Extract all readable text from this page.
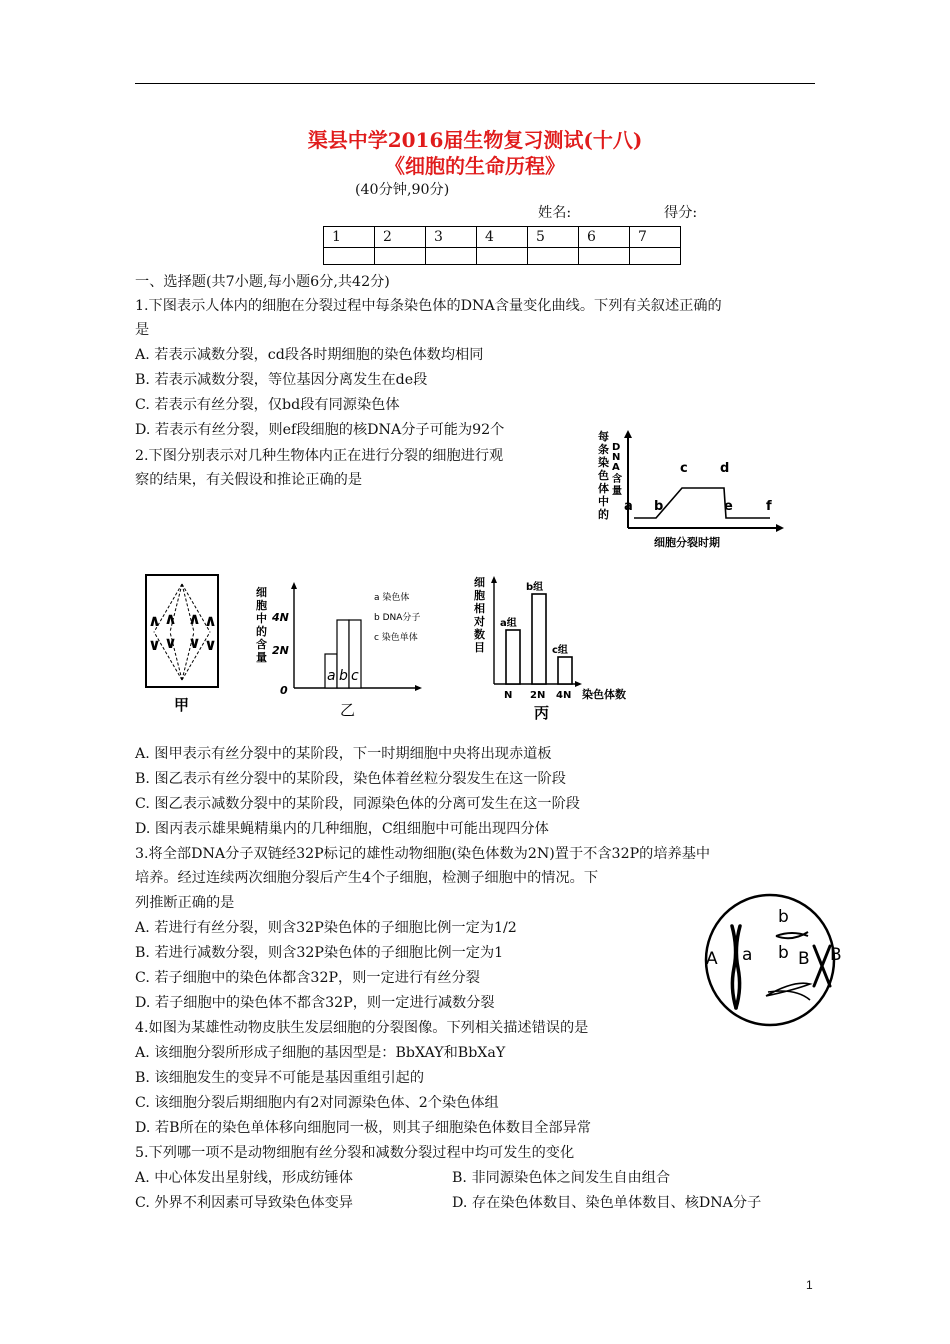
渠县中学2016届生物复习测试(十八)
《细胞的生命历程》
(40分钟,90分)
姓名:	得分:
1	2	3	4	5	6	7

一、选择题(共7小题,每小题6分,共42分)
1.下图表示人体内的细胞在分裂过程中每条染色体的DNA含量变化曲线。下列有关叙述正确的
是
A. 若表示减数分裂，cd段各时期细胞的染色体数均相同
B. 若表示减数分裂，等位基因分离发生在de段
C. 若表示有丝分裂，仅bd段有同源染色体
D. 若表示有丝分裂，则ef段细胞的核DNA分子可能为92个	每条染色体中的
D N A 含量
a b
c d
e	f
细胞分裂时期
2.下图分别表示对几种生物体内正在进行分裂的细胞进行观
察的结果，有关假设和推论正确的是
∧ ∧ ∧ ∧
∨ ∨ ∨ ∨
甲
细胞中的含量
4N
2N
0
a b c
a 染色体
b DNA分子
c 染色单体
乙
细胞相对数目
a组
N
b组
2N
c组
4N 染色体数
丙
A. 图甲表示有丝分裂中的某阶段，下一时期细胞中央将出现赤道板
B. 图乙表示有丝分裂中的某阶段，染色体着丝粒分裂发生在这一阶段
C. 图乙表示减数分裂中的某阶段，同源染色体的分离可发生在这一阶段
D. 图丙表示雄果蝇精巢内的几种细胞，C组细胞中可能出现四分体
3.将全部DNA分子双链经32P标记的雄性动物细胞(染色体数为2N)置于不含32P的培养基中
培养。经过连续两次细胞分裂后产生4个子细胞，检测子细胞中的情况。下
列推断正确的是
A. 若进行有丝分裂，则含32P染色体的子细胞比例一定为1/2
B. 若进行减数分裂，则含32P染色体的子细胞比例一定为1
C. 若子细胞中的染色体都含32P，则一定进行有丝分裂
D. 若子细胞中的染色体不都含32P，则一定进行减数分裂
A a
b
b B B
4.如图为某雄性动物皮肤生发层细胞的分裂图像。下列相关描述错误的是
A. 该细胞分裂所形成子细胞的基因型是：BbXAY和BbXaY
B. 该细胞发生的变异不可能是基因重组引起的
C. 该细胞分裂后期细胞内有2对同源染色体、2个染色体组
D. 若B所在的染色单体移向细胞同一极，则其子细胞染色体数目全部异常
5.下列哪一项不是动物细胞有丝分裂和减数分裂过程中均可发生的变化
A. 中心体发出星射线，形成纺锤体	B. 非同源染色体之间发生自由组合
C. 外界不利因素可导致染色体变异	D. 存在染色体数目、染色单体数目、核DNA分子
1
